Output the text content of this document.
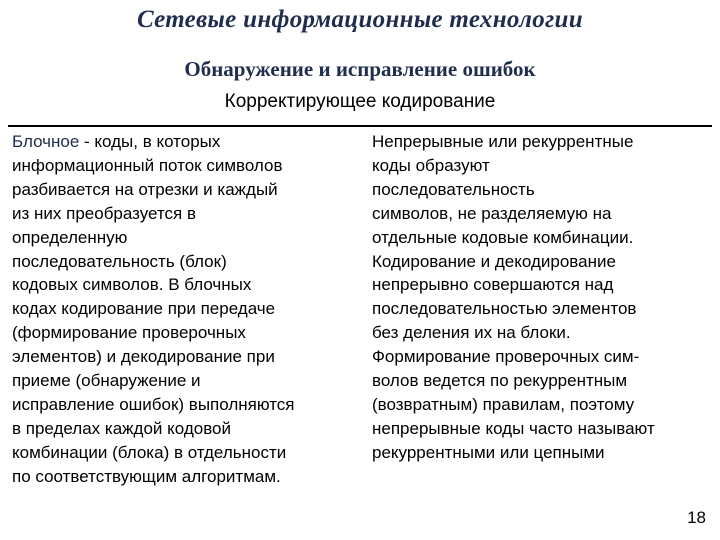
Сетевые информационные технологии
Обнаружение и исправление ошибок
Корректирующее кодирование
Блочное - коды, в которых
информационный поток символов
разбивается на отрезки и каждый
из них преобразуется в
определенную
последовательность (блок)
кодовых символов. В блочных
кодах кодирование при передаче
(формирование проверочных
элементов) и декодирование при
приеме (обнаружение и
исправление ошибок) выполняются
в пределах каждой кодовой
комбинации (блока) в отдельности
по соответствующим алгоритмам.
Непрерывные или рекуррентные
коды образуют
последовательность
символов, не разделяемую на
отдельные кодовые комбинации.
Кодирование и декодирование
непрерывно совершаются над
последовательностью элементов
без деления их на блоки.
Формирование проверочных сим-
волов ведется по рекуррентным
(возвратным) правилам, поэтому
непрерывные коды часто называют
рекуррентными или цепными
18
